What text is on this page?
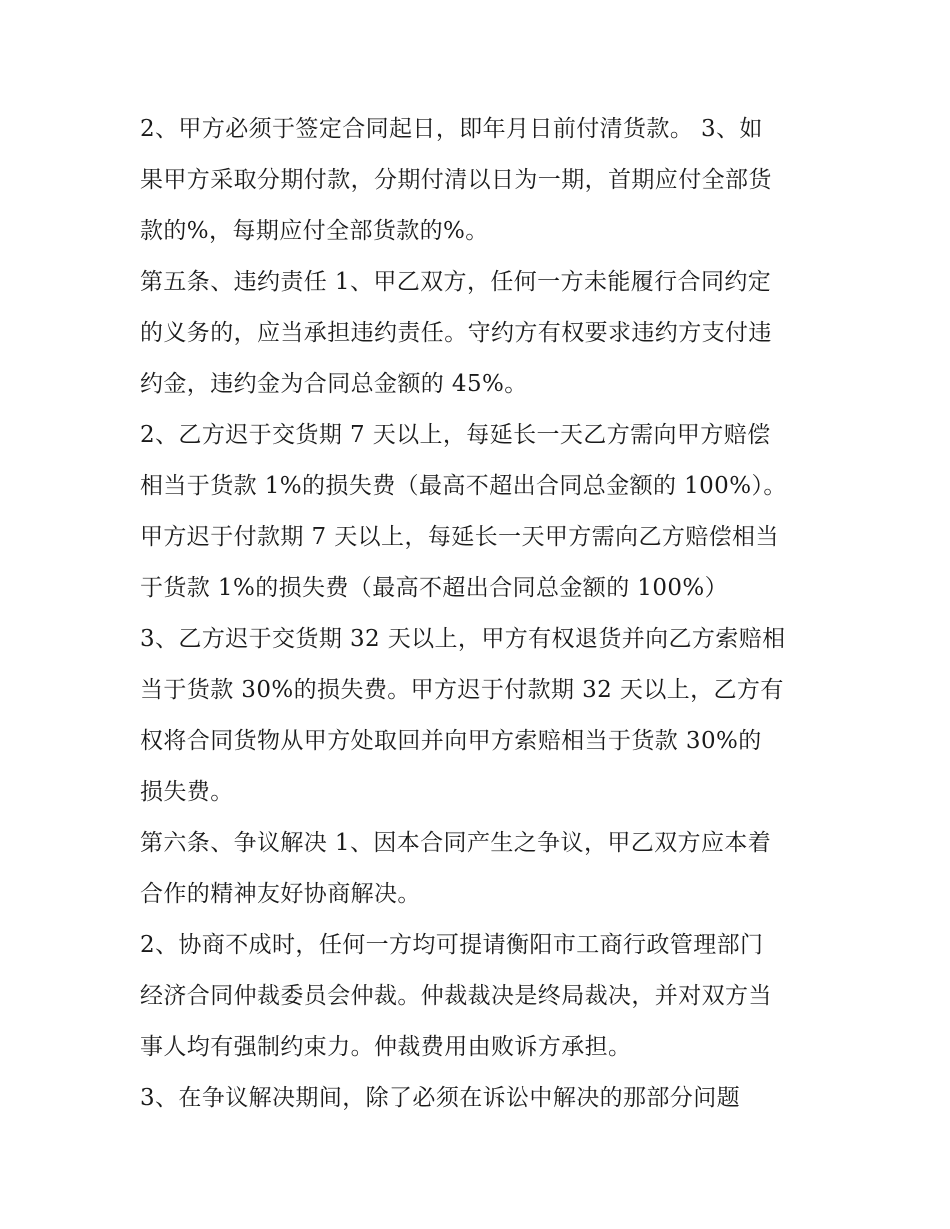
2、甲方必须于签定合同起日，即年月日前付清货款。 3、如
果甲方采取分期付款，分期付清以日为一期，首期应付全部货
款的%，每期应付全部货款的%。

第五条、违约责任 1、甲乙双方，任何一方未能履行合同约定
的义务的，应当承担违约责任。守约方有权要求违约方支付违
约金，违约金为合同总金额的 45%。

2、乙方迟于交货期 7 天以上，每延长一天乙方需向甲方赔偿
相当于货款 1%的损失费（最高不超出合同总金额的 100%）。
甲方迟于付款期 7 天以上，每延长一天甲方需向乙方赔偿相当
于货款 1%的损失费（最高不超出合同总金额的 100%）

3、乙方迟于交货期 32 天以上，甲方有权退货并向乙方索赔相
当于货款 30%的损失费。甲方迟于付款期 32 天以上，乙方有
权将合同货物从甲方处取回并向甲方索赔相当于货款 30%的
损失费。

第六条、争议解决 1、因本合同产生之争议，甲乙双方应本着
合作的精神友好协商解决。

2、协商不成时，任何一方均可提请衡阳市工商行政管理部门
经济合同仲裁委员会仲裁。仲裁裁决是终局裁决，并对双方当
事人均有强制约束力。仲裁费用由败诉方承担。

3、在争议解决期间，除了必须在诉讼中解决的那部分问题
